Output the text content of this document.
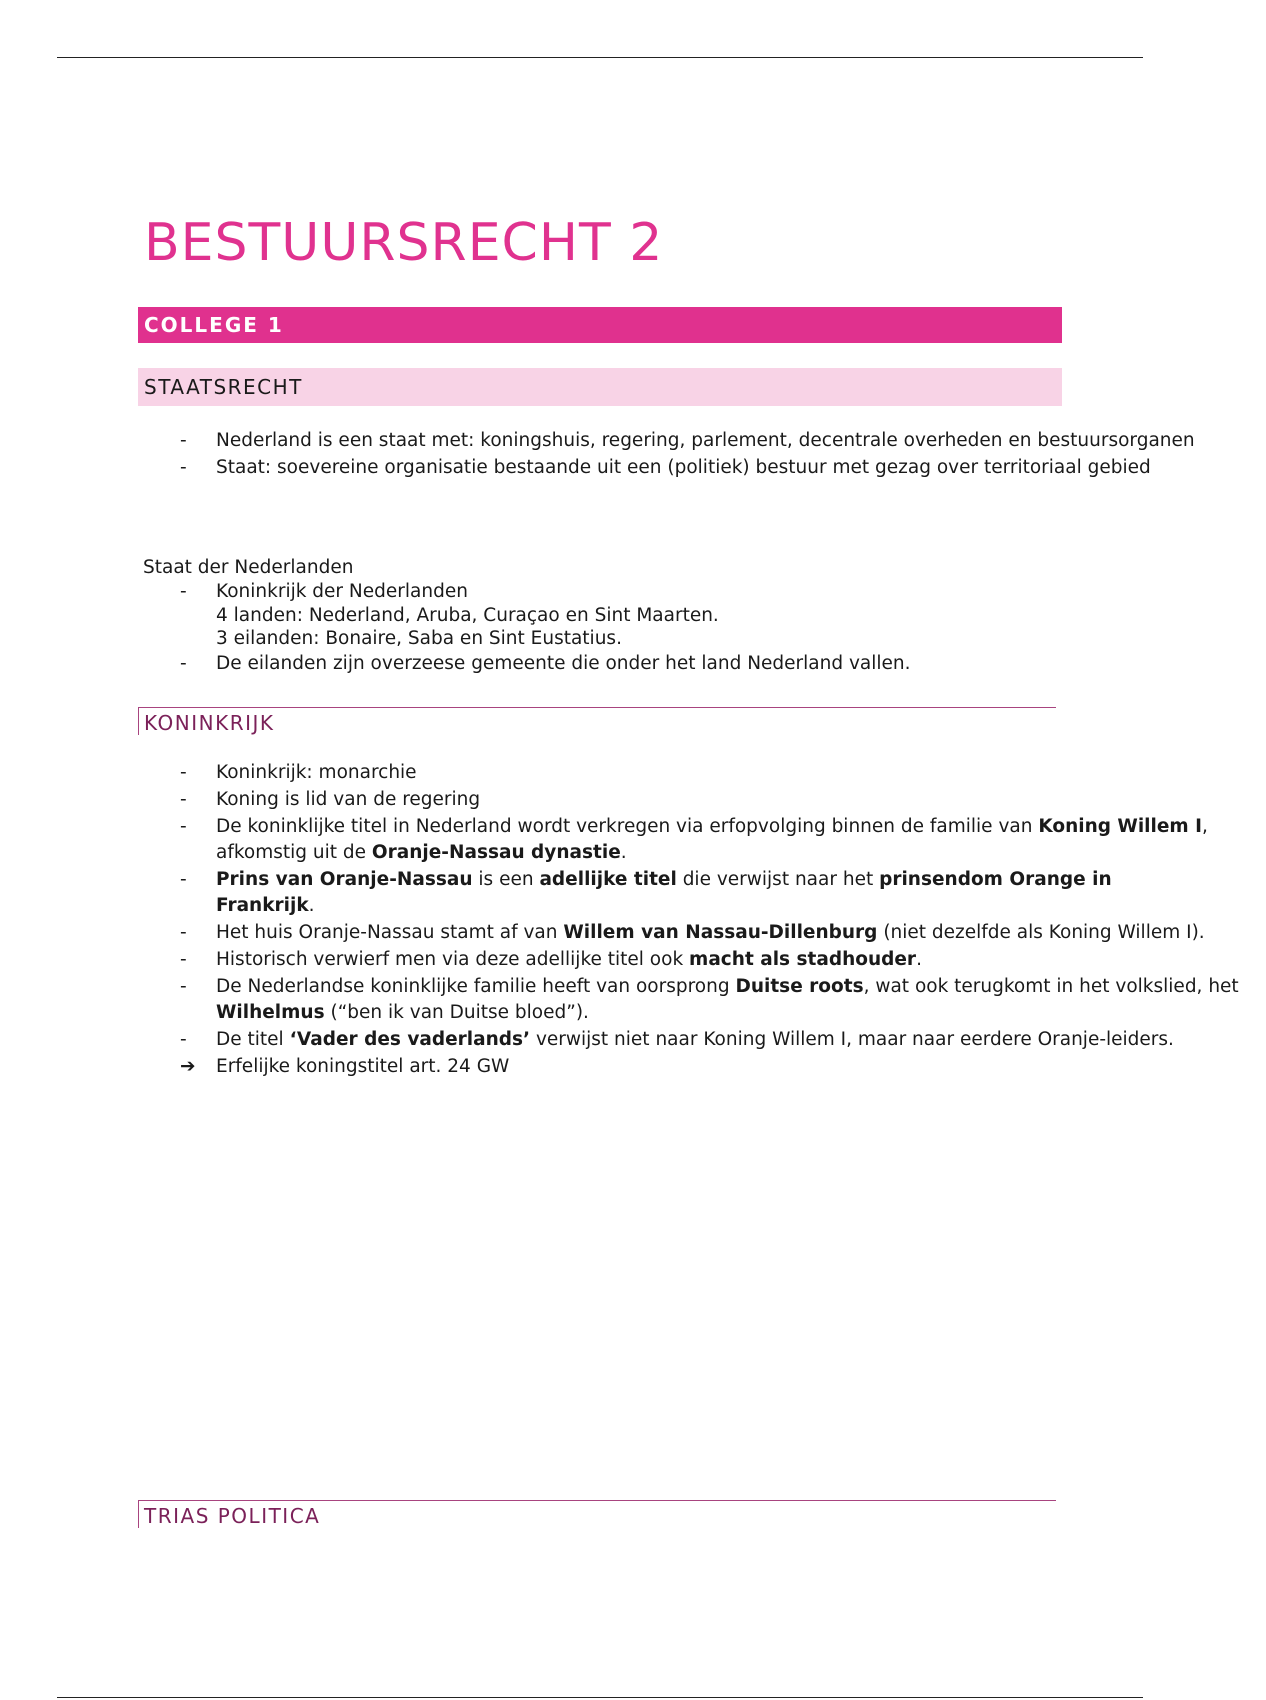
BESTUURSRECHT 2
COLLEGE 1
STAATSRECHT
- Nederland is een staat met: koningshuis, regering, parlement, decentrale overheden en bestuursorganen
- Staat: soevereine organisatie bestaande uit een (politiek) bestuur met gezag over territoriaal gebied

Staat der Nederlanden

- Koninkrijk der Nederlanden
4 landen: Nederland, Aruba, Curaçao en Sint Maarten.
3 eilanden: Bonaire, Saba en Sint Eustatius.
- De eilanden zijn overzeese gemeente die onder het land Nederland vallen.
KONINKRIJK
- Koninkrijk: monarchie
- Koning is lid van de regering
- De koninklijke titel in Nederland wordt verkregen via erfopvolging binnen de familie van Koning Willem I, afkomstig uit de Oranje-Nassau dynastie.
- Prins van Oranje-Nassau is een adellijke titel die verwijst naar het prinsendom Orange in Frankrijk.
- Het huis Oranje-Nassau stamt af van Willem van Nassau-Dillenburg (niet dezelfde als Koning Willem I).
- Historisch verwierf men via deze adellijke titel ook macht als stadhouder.
- De Nederlandse koninklijke familie heeft van oorsprong Duitse roots, wat ook terugkomt in het volkslied, het Wilhelmus (“ben ik van Duitse bloed”).
- De titel ‘Vader des vaderlands’ verwijst niet naar Koning Willem I, maar naar eerdere Oranje-leiders.
➔ Erfelijke koningstitel art. 24 GW
TRIAS POLITICA
